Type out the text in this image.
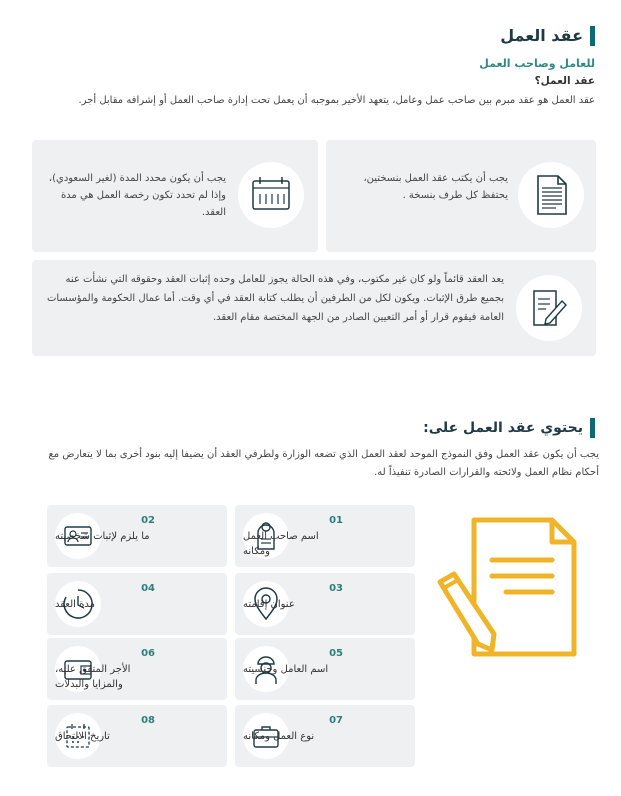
عقد العمل
للعامل وصاحب العمل
عقد العمل؟
عقد العمل هو عقد مبرم بين صاحب عمل وعامل، يتعهد الأخير بموجبه أن يعمل تحت إدارة صاحب العمل أو إشرافه مقابل أجر.
يجب أن يكتب عقد العمل بنسختين، يحتفظ كل طرف بنسخة .
يجب أن يكون محدد المدة (لغير السعودي)، وإذا لم تحدد تكون رخصة العمل هي مدة العقد.
يعد العقد قائماً ولو كان غير مكتوب، وفي هذه الحالة يجوز للعامل وحده إثبات العقد وحقوقه التي نشأت عنه بجميع طرق الإثبات. ويكون لكل من الطرفين أن يطلب كتابة العقد في أي وقت. أما عمال الحكومة والمؤسسات العامة فيقوم قرار أو أمر التعيين الصادر من الجهة المختصة مقام العقد.
يحتوي عقد العمل على:
يجب أن يكون عقد العمل وفق النموذج الموحد لعقد العمل الذي تضعه الوزارة ولطرفي العقد أن يضيفا إليه بنود أخرى بما لا يتعارض مع أحكام نظام العمل ولائحته والقرارات الصادرة تنفيذاً له.
01
اسم صاحب العمل ومكانه
02
ما يلزم لإثبات شخصيته
03
عنوان إقامته
04
مدة العقد
05
اسم العامل وجنسيته
06
الأجر المتفق عليه، والمزايا والبدلات
07
نوع العمل ومكانه
08
تاريخ الالتحاق
